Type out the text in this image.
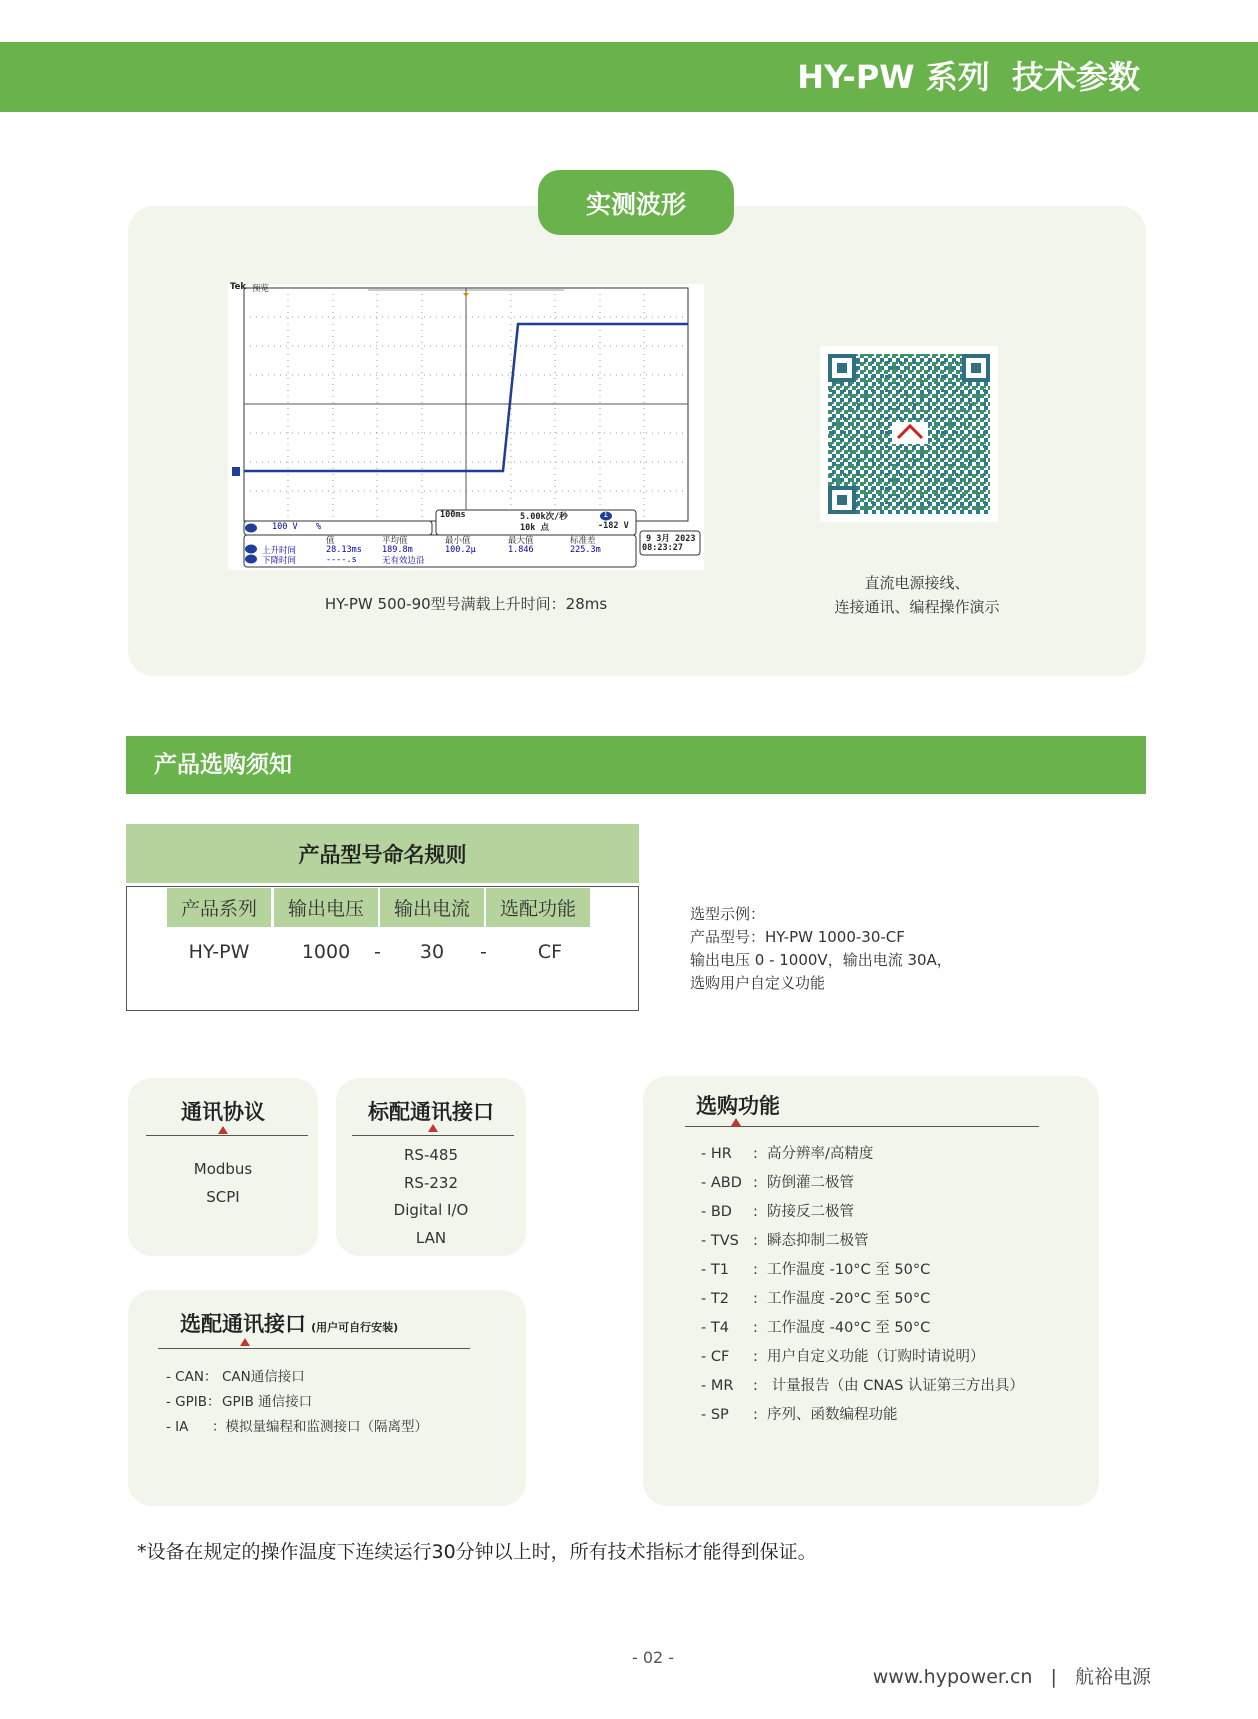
HY-PW 系列  技术参数
实测波形
Tek 预览
100 V %
100ms	5.00k次/秒
10k 点
1
-182 V
值	平均值	最小值	最大值	标准差
上升时间	28.13ms 189.8m	100.2μ	1.846	225.3m
下降时间	----.s	无有效边沿
9 3月 2023
08:23:27
HY-PW 500-90型号满载上升时间：28ms
直流电源接线、
连接通讯、编程操作演示
产品选购须知
产品型号命名规则
产品系列	输出电压	输出电流	选配功能
HY-PW	1000	-	30	-	CF
选型示例：
产品型号：HY-PW 1000-30-CF
输出电压 0 - 1000V，输出电流 30A，
选购用户自定义功能
通讯协议
Modbus
SCPI
标配通讯接口
RS-485
RS-232
Digital I/O
LAN
选配通讯接口 (用户可自行安装)
- CAN： CAN通信接口
- GPIB：GPIB 通信接口
- IA ：模拟量编程和监测接口（隔离型）
选购功能
- HR : 高分辨率/高精度
- ABD : 防倒灌二极管
- BD : 防接反二极管
- TVS : 瞬态抑制二极管
- T1 : 工作温度 -10°C 至 50°C
- T2 : 工作温度 -20°C 至 50°C
- T4 : 工作温度 -40°C 至 50°C
- CF : 用户自定义功能（订购时请说明）
- MR : 计量报告（由 CNAS 认证第三方出具）
- SP : 序列、函数编程功能
*设备在规定的操作温度下连续运行30分钟以上时，所有技术指标才能得到保证。
- 02 -
www.hypower.cn | 航裕电源
